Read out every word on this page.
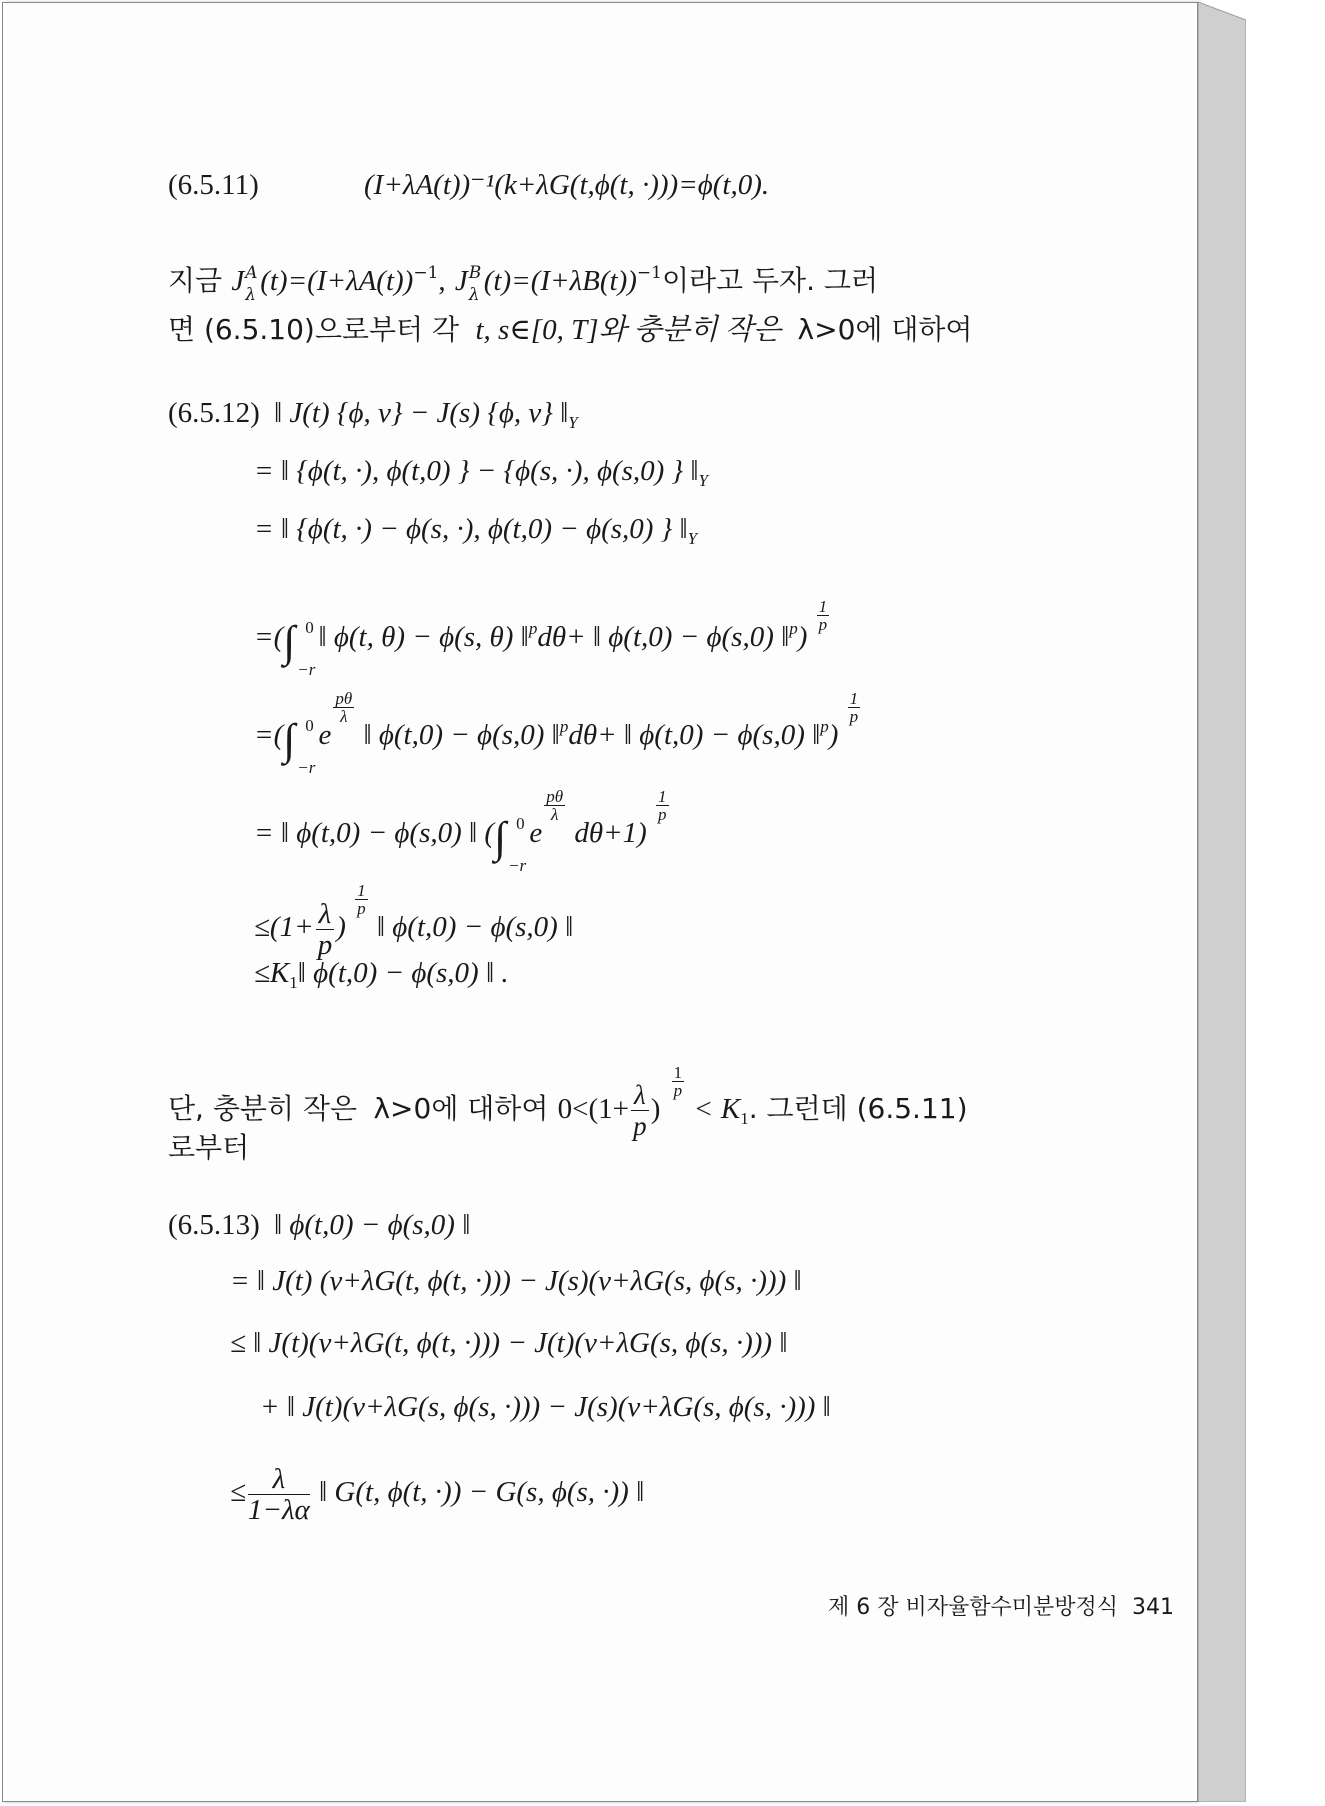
(6.5.11)	(I+λA(t))⁻¹(k+λG(t,ϕ(t, ·)))=ϕ(t,0).
지금 J A
λ $(t)=(I+\lambda A(t))^{-1}$, J B
λ $(t)=(I+\lambda B(t))^{-1}$이라고 두자. 그러
면 (6.5.10)으로부터 각  t, s∈[0, T]와 충분히 작은 λ>0에 대하여
(6.5.12) ‖ J(t) {ϕ, v} − J(s) {ϕ, v} $‖_Y$
= ‖ {ϕ(t, ·), ϕ(t,0) } − {ϕ(s, ·), ϕ(s,0) } $‖_Y$
= ‖ {ϕ(t, ·) − ϕ(s, ·), ϕ(t,0) − ϕ(s,0) } $‖_Y$
=(∫ 0
−r
‖ ϕ(t, θ) − ϕ(s, θ) ‖$^p$dθ+ ‖ ϕ(t,0) − ϕ(s,0) ‖$^p$)
$\frac{1}{p}$
=(∫ 0
−r
e
$\frac{p\theta}{\lambda}$
‖ ϕ(t,0) − ϕ(s,0) ‖$^p$dθ+ ‖ ϕ(t,0) − ϕ(s,0) ‖$^p$)
$\frac{1}{p}$
= ‖ ϕ(t,0) − ϕ(s,0) ‖ (∫ 0
−r
e
$\frac{p\theta}{\lambda}$
dθ+1)
$\frac{1}{p}$
$\le(1+ \frac{\lambda}{p}$ )
$\frac{1}{p}$
‖ ϕ(t,0) − ϕ(s,0) ‖
$\le K_1‖$ ϕ(t,0) − ϕ(s,0) ‖ .
단, 충분히 작은 λ>0에 대하여 $0<(1+ \frac{\lambda}{p}$ )
$\frac{1}{p}$
< $K_1$. 그런데 (6.5.11)
로부터
(6.5.13) ‖ ϕ(t,0) − ϕ(s,0) ‖
= ‖ J(t) (v+λG(t, ϕ(t, ·))) − J(s)(v+λG(s, ϕ(s, ·))) ‖
≤ ‖ J(t)(v+λG(t, ϕ(t, ·))) − J(t)(v+λG(s, ϕ(s, ·))) ‖
+ ‖ J(t)(v+λG(s, ϕ(s, ·))) − J(s)(v+λG(s, ϕ(s, ·))) ‖
≤ $\frac{\lambda}{1-\lambda\alpha}$ ‖ G(t, ϕ(t, ·)) − G(s, ϕ(s, ·)) ‖
제 6 장 비자율함수미분방정식 341
